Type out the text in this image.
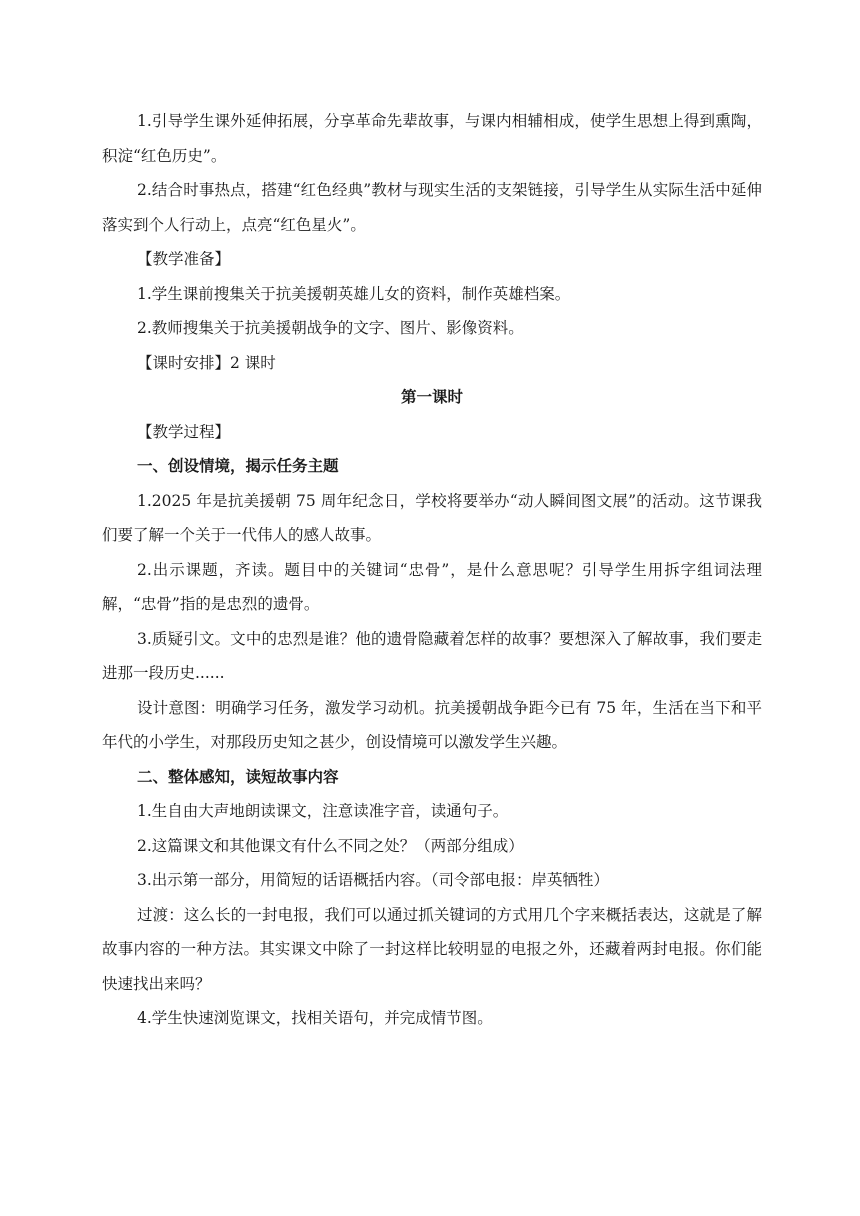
1.引导学生课外延伸拓展，分享革命先辈故事，与课内相辅相成，使学生思想上得到熏陶，积淀“红色历史”。

2.结合时事热点，搭建“红色经典”教材与现实生活的支架链接，引导学生从实际生活中延伸落实到个人行动上，点亮“红色星火”。

【教学准备】

1.学生课前搜集关于抗美援朝英雄儿女的资料，制作英雄档案。

2.教师搜集关于抗美援朝战争的文字、图片、影像资料。

【课时安排】2 课时

第一课时

【教学过程】

一、创设情境，揭示任务主题

1.2025 年是抗美援朝 75 周年纪念日，学校将要举办“动人瞬间图文展”的活动。这节课我们要了解一个关于一代伟人的感人故事。

2.出示课题，齐读。题目中的关键词“忠骨”，是什么意思呢？引导学生用拆字组词法理解，“忠骨”指的是忠烈的遗骨。

3.质疑引文。文中的忠烈是谁？他的遗骨隐藏着怎样的故事？要想深入了解故事，我们要走进那一段历史......

设计意图：明确学习任务，激发学习动机。抗美援朝战争距今已有 75 年，生活在当下和平年代的小学生，对那段历史知之甚少，创设情境可以激发学生兴趣。

二、整体感知，读短故事内容

1.生自由大声地朗读课文，注意读准字音，读通句子。

2.这篇课文和其他课文有什么不同之处？（两部分组成）

3.出示第一部分，用简短的话语概括内容。（司令部电报：岸英牺牲）

过渡：这么长的一封电报，我们可以通过抓关键词的方式用几个字来概括表达，这就是了解故事内容的一种方法。其实课文中除了一封这样比较明显的电报之外，还藏着两封电报。你们能快速找出来吗？

4.学生快速浏览课文，找相关语句，并完成情节图。
